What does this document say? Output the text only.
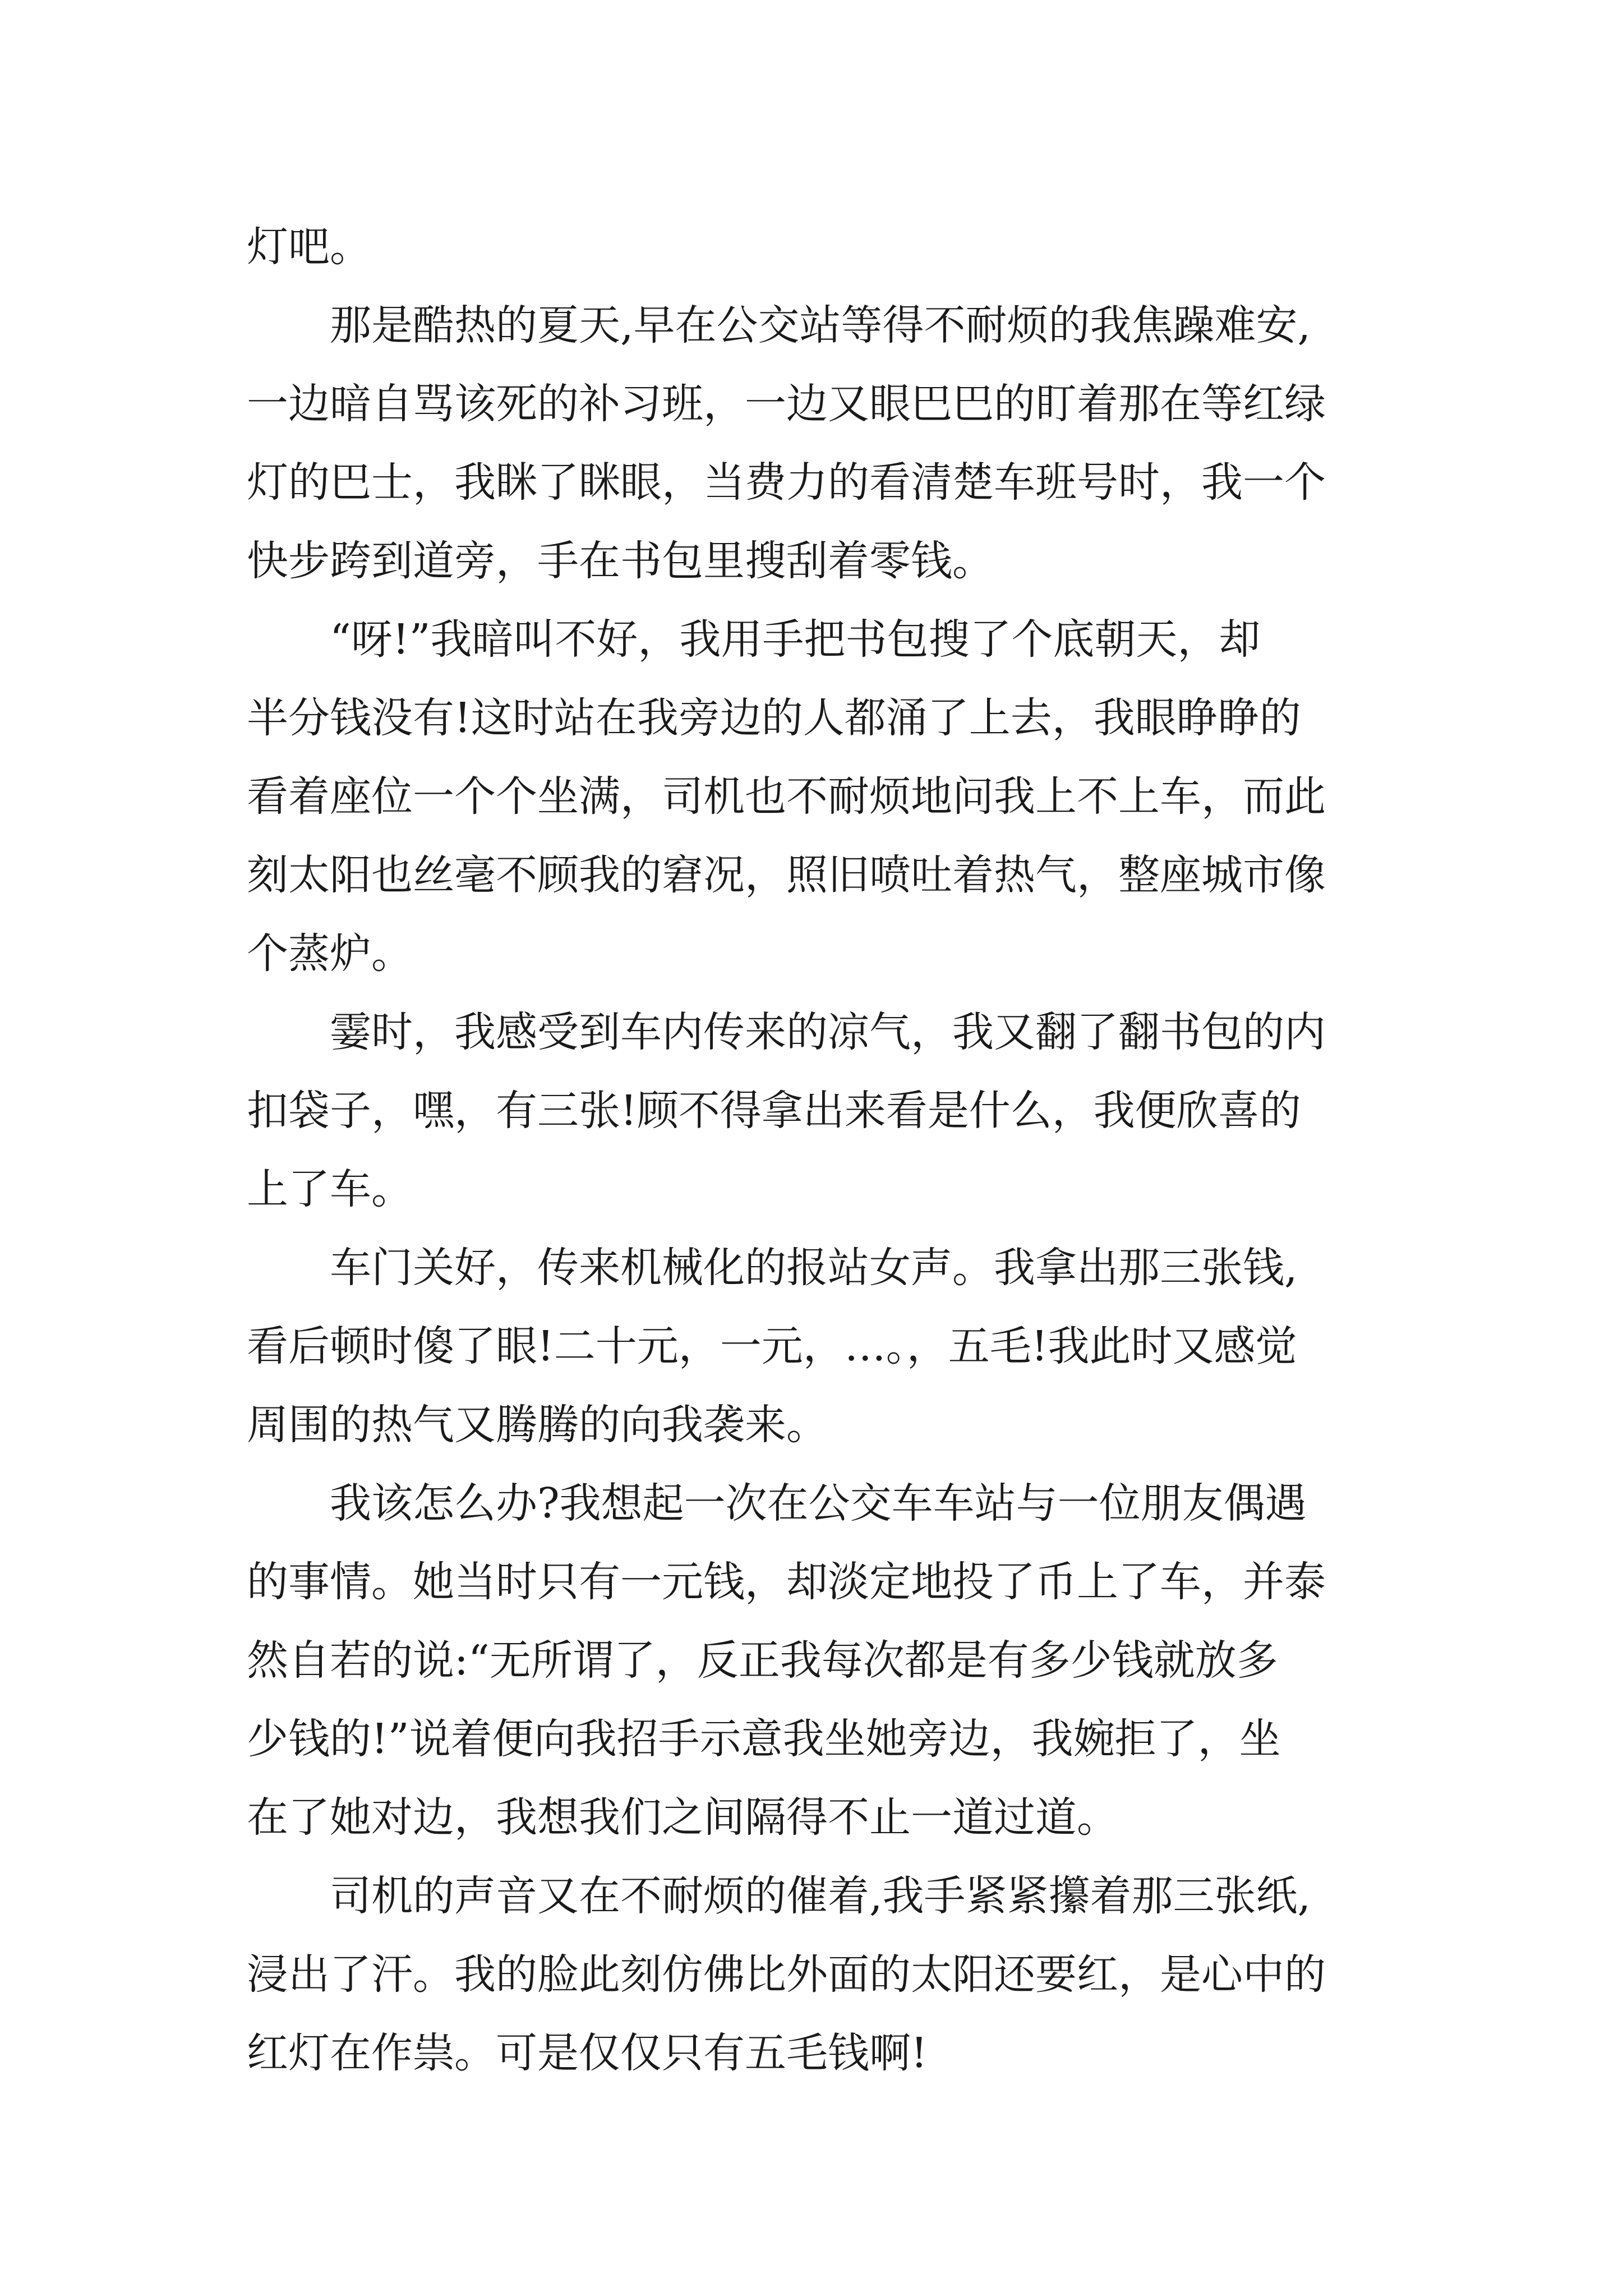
灯吧。
　　那是酷热的夏天,早在公交站等得不耐烦的我焦躁难安,
一边暗自骂该死的补习班，一边又眼巴巴的盯着那在等红绿
灯的巴士，我眯了眯眼，当费力的看清楚车班号时，我一个
快步跨到道旁，手在书包里搜刮着零钱。
　　“呀!”我暗叫不好，我用手把书包搜了个底朝天，却
半分钱没有!这时站在我旁边的人都涌了上去，我眼睁睁的
看着座位一个个坐满，司机也不耐烦地问我上不上车，而此
刻太阳也丝毫不顾我的窘况，照旧喷吐着热气，整座城市像
个蒸炉。
　　霎时，我感受到车内传来的凉气，我又翻了翻书包的内
扣袋子，嘿，有三张!顾不得拿出来看是什么，我便欣喜的
上了车。
　　车门关好，传来机械化的报站女声。我拿出那三张钱,
看后顿时傻了眼!二十元，一元，…。，五毛!我此时又感觉
周围的热气又腾腾的向我袭来。
　　我该怎么办?我想起一次在公交车车站与一位朋友偶遇
的事情。她当时只有一元钱，却淡定地投了币上了车，并泰
然自若的说:“无所谓了，反正我每次都是有多少钱就放多
少钱的!”说着便向我招手示意我坐她旁边，我婉拒了，坐
在了她对边，我想我们之间隔得不止一道过道。
　　司机的声音又在不耐烦的催着,我手紧紧攥着那三张纸,
浸出了汗。我的脸此刻仿佛比外面的太阳还要红，是心中的
红灯在作祟。可是仅仅只有五毛钱啊!
